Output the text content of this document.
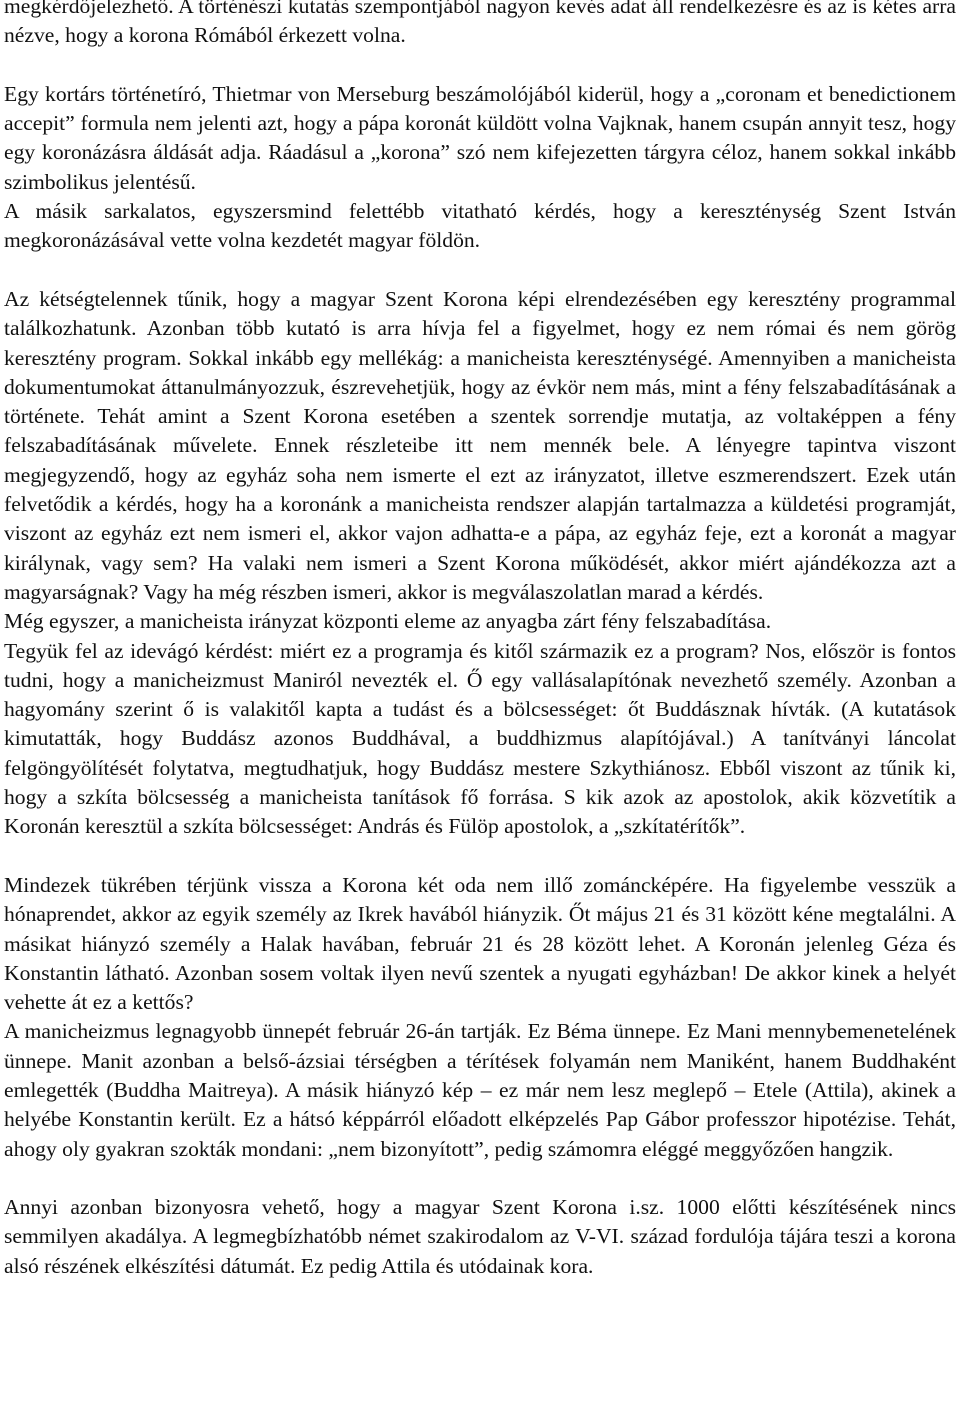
megkérdőjelezhető. A történészi kutatás szempontjából nagyon kevés adat áll rendelkezésre és az is kétes arra nézve, hogy a korona Rómából érkezett volna.

Egy kortárs történetíró, Thietmar von Merseburg beszámolójából kiderül, hogy a „coronam et benedictionem accepit” formula nem jelenti azt, hogy a pápa koronát küldött volna Vajknak, hanem csupán annyit tesz, hogy egy koronázásra áldását adja. Ráadásul a „korona” szó nem kifejezetten tárgyra céloz, hanem sokkal inkább szimbolikus jelentésű.

A másik sarkalatos, egyszersmind felettébb vitatható kérdés, hogy a kereszténység Szent István megkoronázásával vette volna kezdetét magyar földön.

Az kétségtelennek tűnik, hogy a magyar Szent Korona képi elrendezésében egy keresztény programmal találkozhatunk. Azonban több kutató is arra hívja fel a figyelmet, hogy ez nem római és nem görög keresztény program. Sokkal inkább egy mellékág: a manicheista kereszténységé. Amennyiben a manicheista dokumentumokat áttanulmányozzuk, észrevehetjük, hogy az évkör nem más, mint a fény felszabadításának a története. Tehát amint a Szent Korona esetében a szentek sorrendje mutatja, az voltaképpen a fény felszabadításának művelete. Ennek részleteibe itt nem mennék bele. A lényegre tapintva viszont megjegyzendő, hogy az egyház soha nem ismerte el ezt az irányzatot, illetve eszmerendszert. Ezek után felvetődik a kérdés, hogy ha a koronánk a manicheista rendszer alapján tartalmazza a küldetési programját, viszont az egyház ezt nem ismeri el, akkor vajon adhatta-e a pápa, az egyház feje, ezt a koronát a magyar királynak, vagy sem? Ha valaki nem ismeri a Szent Korona működését, akkor miért ajándékozza azt a magyarságnak? Vagy ha még részben ismeri, akkor is megválaszolatlan marad a kérdés.

Még egyszer, a manicheista irányzat központi eleme az anyagba zárt fény felszabadítása.

Tegyük fel az idevágó kérdést: miért ez a programja és kitől származik ez a program? Nos, először is fontos tudni, hogy a manicheizmust Maniról nevezték el. Ő egy vallásalapítónak nevezhető személy. Azonban a hagyomány szerint ő is valakitől kapta a tudást és a bölcsességet: őt Buddásznak hívták. (A kutatások kimutatták, hogy Buddász azonos Buddhával, a buddhizmus alapítójával.) A tanítványi láncolat felgöngyölítését folytatva, megtudhatjuk, hogy Buddász mestere Szkythiánosz. Ebből viszont az tűnik ki, hogy a szkíta bölcsesség a manicheista tanítások fő forrása. S kik azok az apostolok, akik közvetítik a Koronán keresztül a szkíta bölcsességet: András és Fülöp apostolok, a „szkítatérítők”.

Mindezek tükrében térjünk vissza a Korona két oda nem illő zománcképére. Ha figyelembe vesszük a hónaprendet, akkor az egyik személy az Ikrek havából hiányzik. Őt május 21 és 31 között kéne megtalálni. A másikat hiányzó személy a Halak havában, február 21 és 28 között lehet. A Koronán jelenleg Géza és Konstantin látható. Azonban sosem voltak ilyen nevű szentek a nyugati egyházban! De akkor kinek a helyét vehette át ez a kettős?

A manicheizmus legnagyobb ünnepét február 26-án tartják. Ez Béma ünnepe. Ez Mani mennybemenetelének ünnepe. Manit azonban a belső-ázsiai térségben a térítések folyamán nem Maniként, hanem Buddhaként emlegették (Buddha Maitreya). A másik hiányzó kép – ez már nem lesz meglepő – Etele (Attila), akinek a helyébe Konstantin került. Ez a hátsó képpárról előadott elképzelés Pap Gábor professzor hipotézise. Tehát, ahogy oly gyakran szokták mondani: „nem bizonyított”, pedig számomra eléggé meggyőzően hangzik.

Annyi azonban bizonyosra vehető, hogy a magyar Szent Korona i.sz. 1000 előtti készítésének nincs semmilyen akadálya. A legmegbízhatóbb német szakirodalom az V-VI. század fordulója tájára teszi a korona alsó részének elkészítési dátumát. Ez pedig Attila és utódainak kora.
